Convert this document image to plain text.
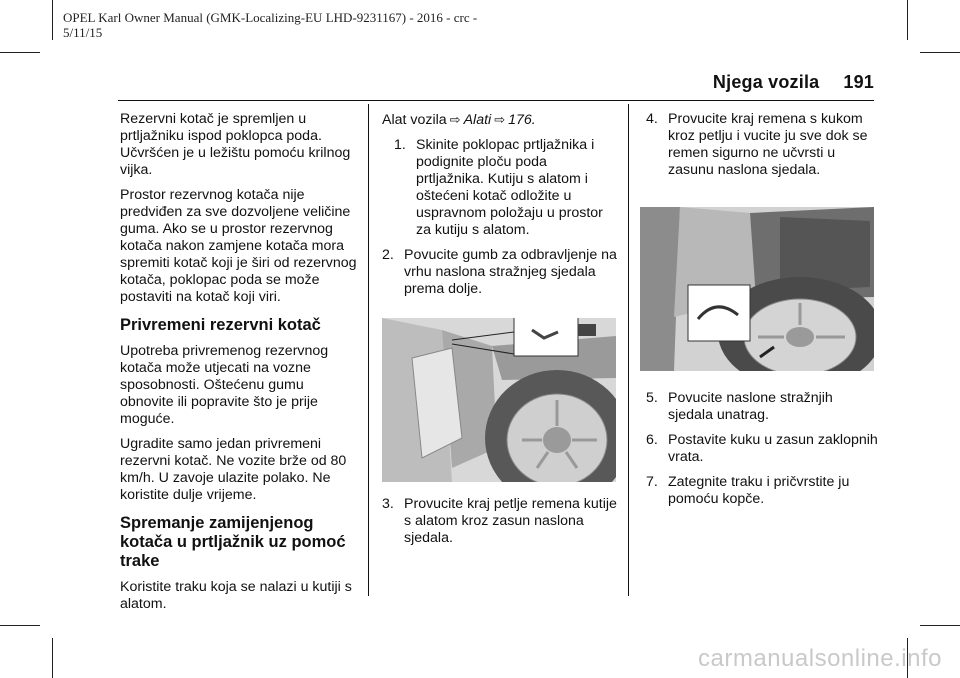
OPEL Karl Owner Manual (GMK-Localizing-EU LHD-9231167) - 2016 - crc -
5/11/15
Njega vozila 191

Rezervni kotač je spremljen u prtljažniku ispod poklopca poda. Učvršćen je u ležištu pomoću krilnog vijka.

Prostor rezervnog kotača nije predviđen za sve dozvoljene veličine guma. Ako se u prostor rezervnog kotača nakon zamjene kotača mora spremiti kotač koji je širi od rezervnog kotača, poklopac poda se može postaviti na kotač koji viri.

Privremeni rezervni kotač

Upotreba privremenog rezervnog kotača može utjecati na vozne sposobnosti. Oštećenu gumu obnovite ili popravite što je prije moguće.

Ugradite samo jedan privremeni rezervni kotač. Ne vozite brže od 80 km/h. U zavoje ulazite polako. Ne koristite dulje vrijeme.

Spremanje zamijenjenog kotača u prtljažnik uz pomoć trake

Koristite traku koja se nalazi u kutiji s alatom.

Alat vozila ⇨ Alati ⇨ 176.

1. Skinite poklopac prtljažnika i podignite ploču poda prtljažnika. Kutiju s alatom i oštećeni kotač odložite u uspravnom položaju u prostor za kutiju s alatom.
2. Povucite gumb za odbravljenje na vrhu naslona stražnjeg sjedala prema dolje.
3. Provucite kraj petlje remena kutije s alatom kroz zasun naslona sjedala.
4. Provucite kraj remena s kukom kroz petlju i vucite ju sve dok se remen sigurno ne učvrsti u zasunu naslona sjedala.
5. Povucite naslone stražnjih sjedala unatrag.
6. Postavite kuku u zasun zaklopnih vrata.
7. Zategnite traku i pričvrstite ju pomoću kopče.
carmanualsonline.info
